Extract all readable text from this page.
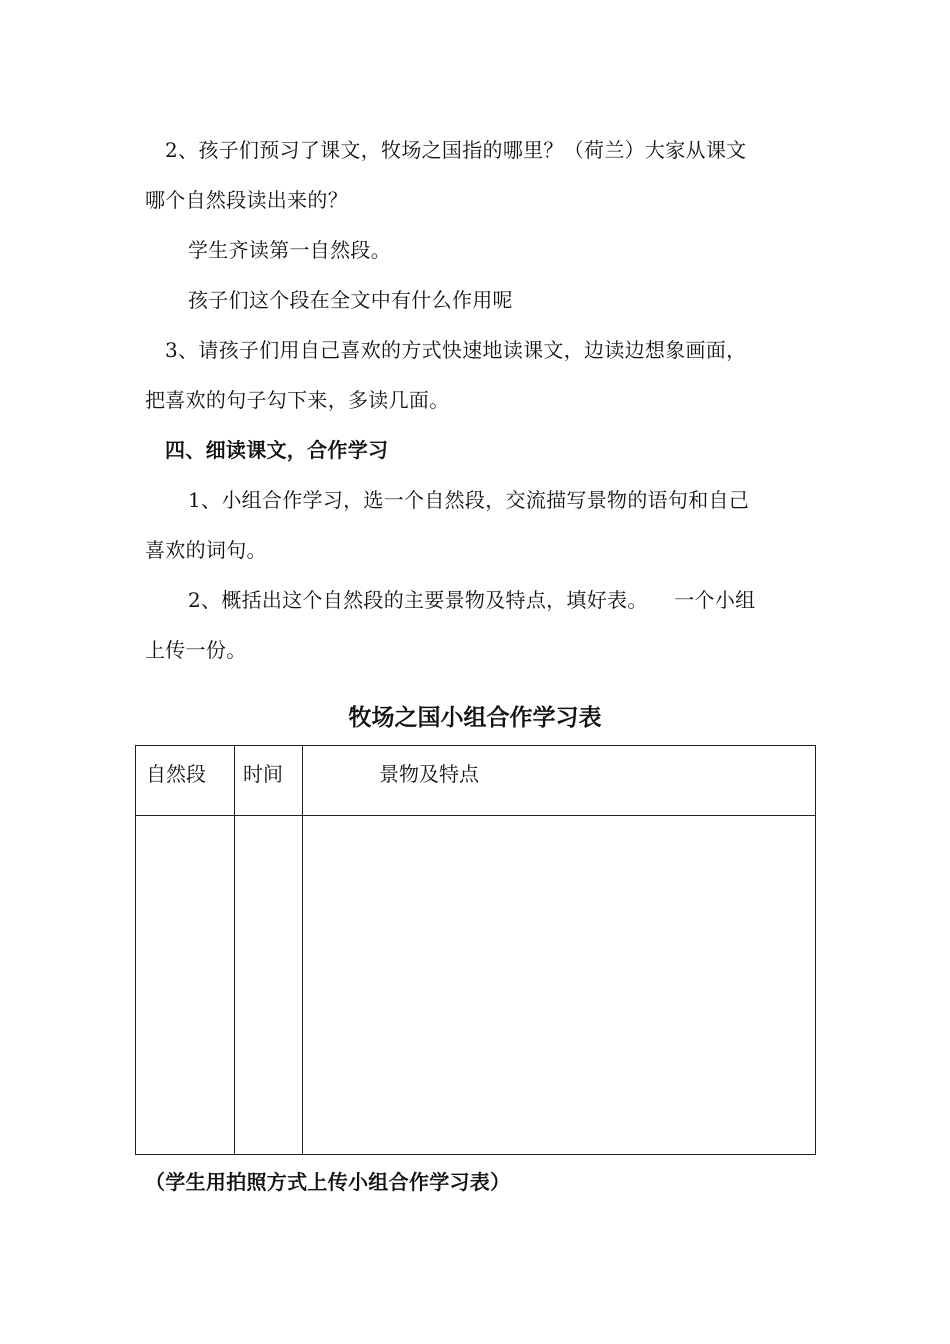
2、孩子们预习了课文，牧场之国指的哪里？（荷兰）大家从课文
哪个自然段读出来的？
学生齐读第一自然段。
孩子们这个段在全文中有什么作用呢
3、请孩子们用自己喜欢的方式快速地读课文，边读边想象画面，
把喜欢的句子勾下来，多读几面。
四、细读课文，合作学习
1、小组合作学习，选一个自然段，交流描写景物的语句和自己
喜欢的词句。
2、概括出这个自然段的主要景物及特点，填好表。    一个小组
上传一份。
牧场之国小组合作学习表
自然段	时间	景物及特点

（学生用拍照方式上传小组合作学习表）
